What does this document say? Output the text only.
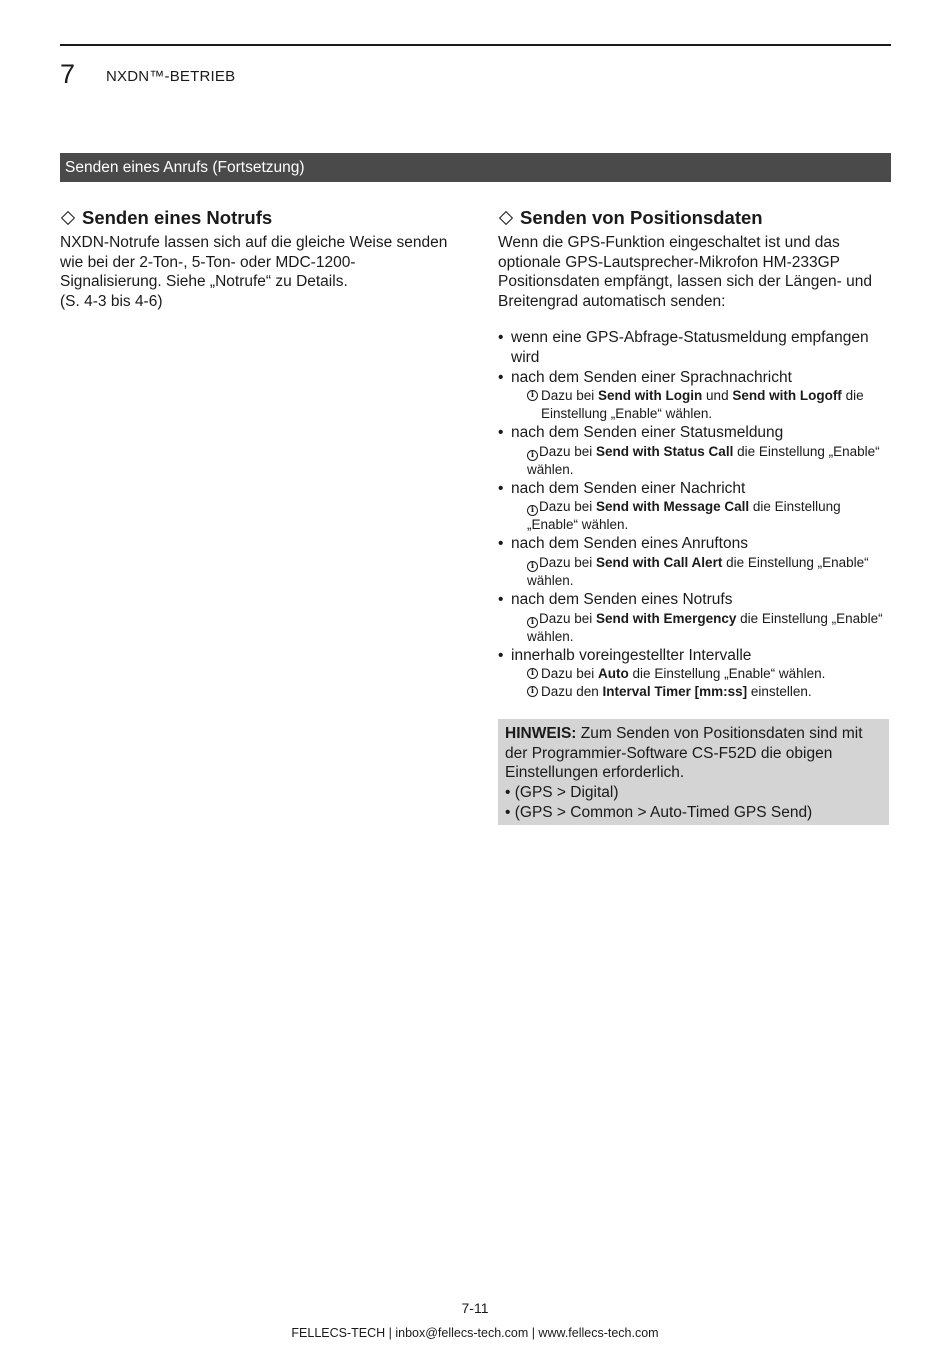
7 NXDN™-BETRIEB
Senden eines Anrufs (Fortsetzung)
Senden eines Notrufs

NXDN-Notrufe lassen sich auf die gleiche Weise senden wie bei der 2-Ton-, 5-Ton- oder MDC-1200-Signalisierung. Siehe „Notrufe“ zu Details.

(S. 4-3 bis 4-6)

Senden von Positionsdaten

Wenn die GPS-Funktion eingeschaltet ist und das optionale GPS-Lautsprecher-Mikrofon HM-233GP Positionsdaten empfängt, lassen sich der Längen- und Breitengrad automatisch senden:

• wenn eine GPS-Abfrage-Statusmeldung empfangen wird
• nach dem Senden einer Sprachnachricht
i Dazu bei Send with Login und Send with Logoff die Einstellung „Enable“ wählen.
• nach dem Senden einer Statusmeldung
i Dazu bei Send with Status Call die Einstellung „Enable“ wählen.
• nach dem Senden einer Nachricht
i Dazu bei Send with Message Call die Einstellung „Enable“ wählen.
• nach dem Senden eines Anruftons
i Dazu bei Send with Call Alert die Einstellung „Enable“ wählen.
• nach dem Senden eines Notrufs
i Dazu bei Send with Emergency die Einstellung „Enable“ wählen.
• innerhalb voreingestellter Intervalle
i Dazu bei Auto die Einstellung „Enable“ wählen.
i Dazu den Interval Timer [mm:ss] einstellen.
HINWEIS: Zum Senden von Positionsdaten sind mit der Programmier-Software CS-F52D die obigen Einstellungen erforderlich.
• (GPS > Digital)
• (GPS > Common > Auto-Timed GPS Send)
7-11
FELLECS-TECH | inbox@fellecs-tech.com | www.fellecs-tech.com
